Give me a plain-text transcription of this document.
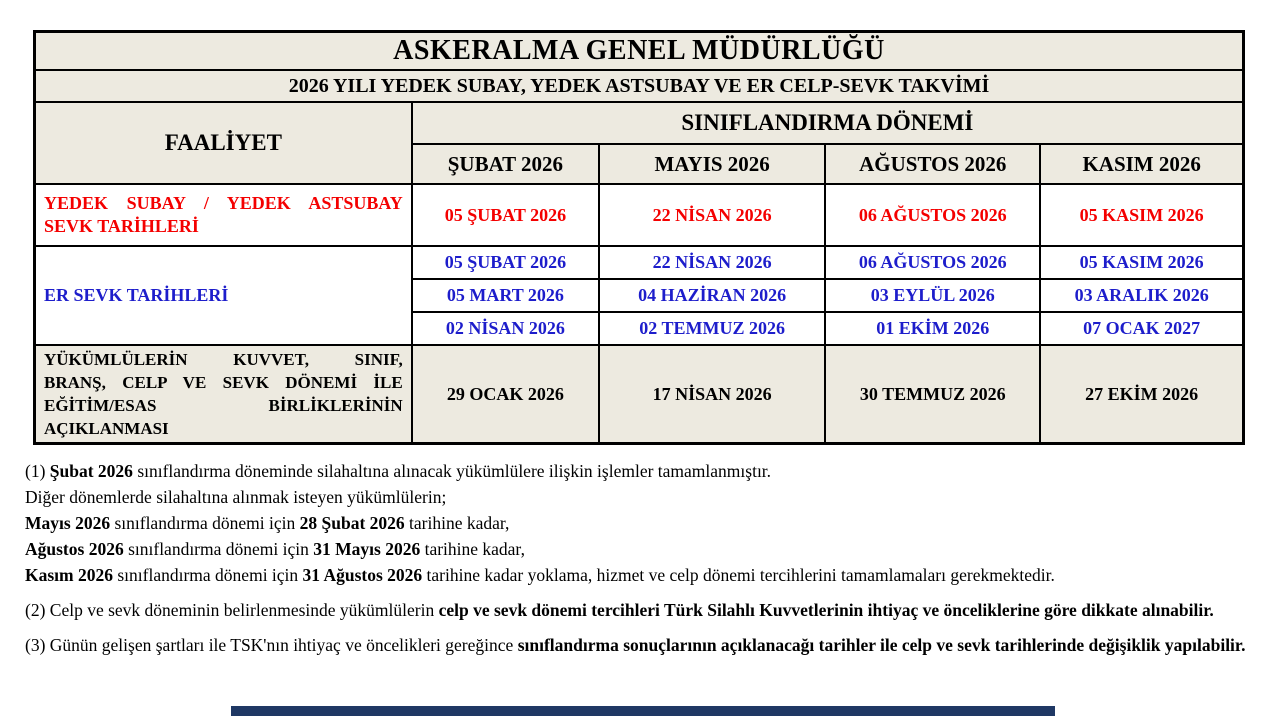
ASKERALMA GENEL MÜDÜRLÜĞÜ				
2026 YILI YEDEK SUBAY, YEDEK ASTSUBAY VE ER CELP-SEVK TAKVİMİ				
FAALİYET	SINIFLANDIRMA DÖNEMİ			
	ŞUBAT 2026	MAYIS 2026	AĞUSTOS 2026	KASIM 2026

YEDEK SUBAY / YEDEK ASTSUBAY
SEVK TARİHLERİ	05 ŞUBAT 2026	22 NİSAN 2026	06 AĞUSTOS 2026	05 KASIM 2026

ER SEVK TARİHLERİ	05 ŞUBAT 2026	22 NİSAN 2026	06 AĞUSTOS 2026	05 KASIM 2026
	05 MART 2026	04 HAZİRAN 2026	03 EYLÜL 2026	03 ARALIK 2026
	02 NİSAN 2026	02 TEMMUZ 2026	01 EKİM 2026	07 OCAK 2027

YÜKÜMLÜLERİN KUVVET, SINIF,
BRANŞ, CELP VE SEVK DÖNEMİ İLE
EĞİTİM/ESAS BİRLİKLERİNİN
AÇIKLANMASI	29 OCAK 2026	17 NİSAN 2026	30 TEMMUZ 2026	27 EKİM 2026
(1) Şubat 2026 sınıflandırma döneminde silahaltına alınacak yükümlülere ilişkin işlemler tamamlanmıştır.
Diğer dönemlerde silahaltına alınmak isteyen yükümlülerin;
Mayıs 2026 sınıflandırma dönemi için 28 Şubat 2026 tarihine kadar,
Ağustos 2026 sınıflandırma dönemi için 31 Mayıs 2026 tarihine kadar,
Kasım 2026 sınıflandırma dönemi için 31 Ağustos 2026 tarihine kadar yoklama, hizmet ve celp dönemi tercihlerini tamamlamaları gerekmektedir.
(2) Celp ve sevk döneminin belirlenmesinde yükümlülerin celp ve sevk dönemi tercihleri Türk Silahlı Kuvvetlerinin ihtiyaç ve önceliklerine göre dikkate alınabilir.
(3) Günün gelişen şartları ile TSK'nın ihtiyaç ve öncelikleri gereğince sınıflandırma sonuçlarının açıklanacağı tarihler ile celp ve sevk tarihlerinde değişiklik yapılabilir.
